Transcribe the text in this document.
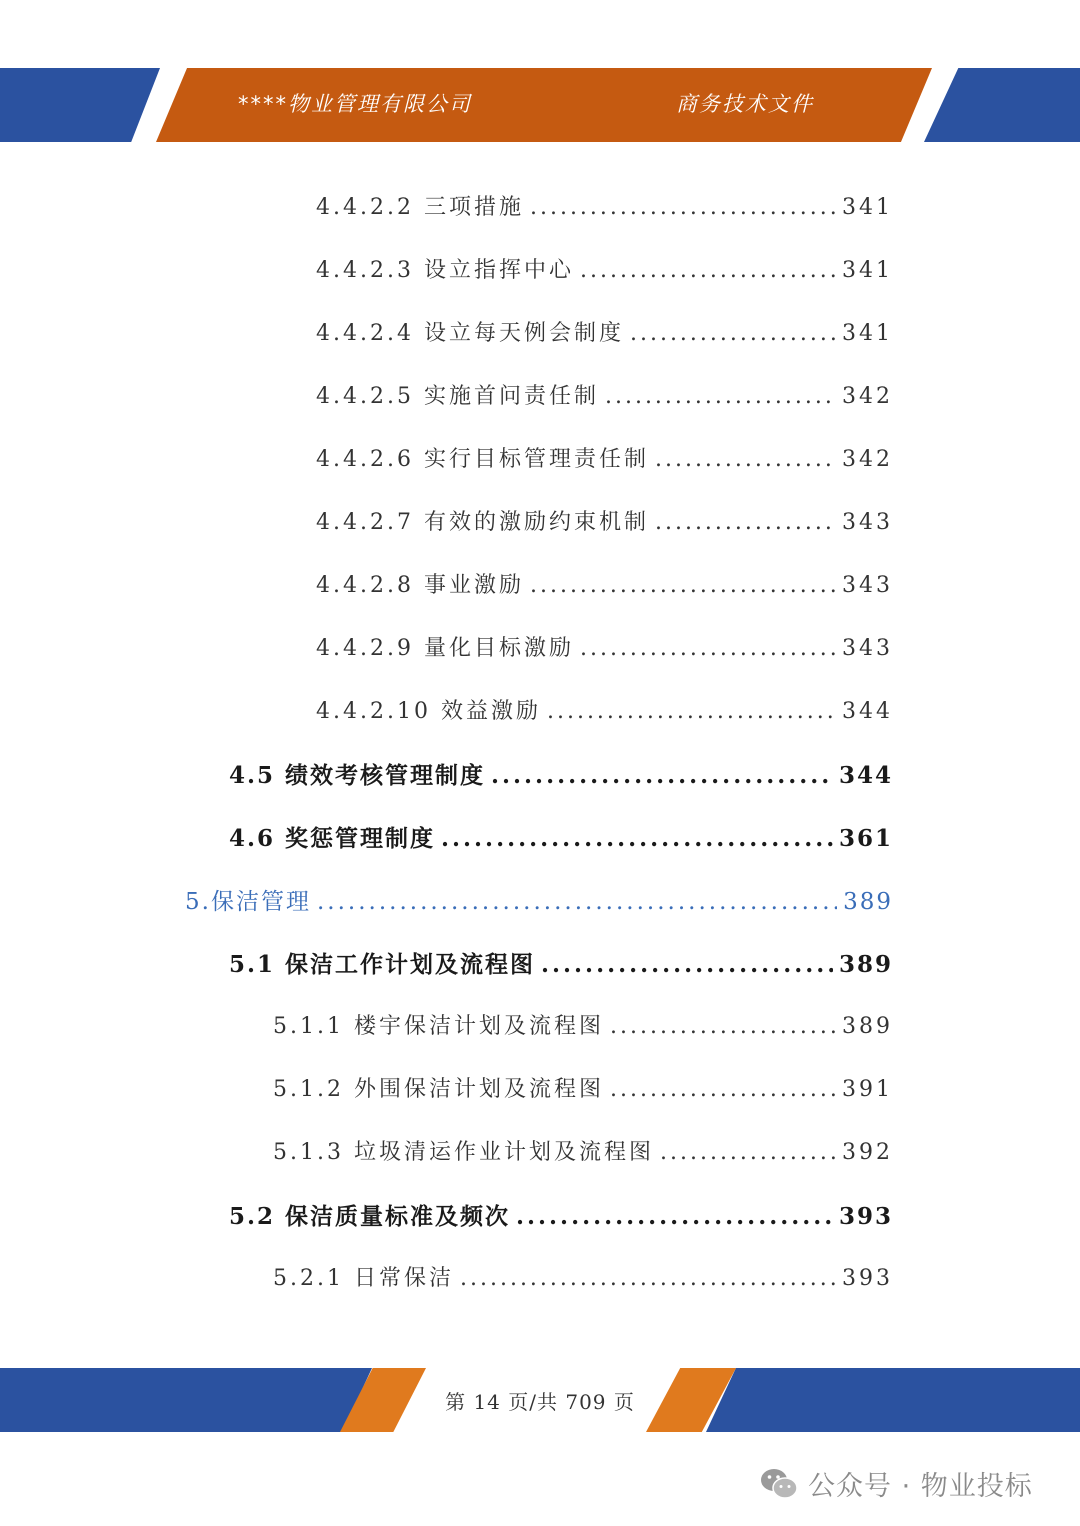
****物业管理有限公司	商务技术文件
4.4.2.2 三项措施 .....	341
4.4.2.3 设立指挥中心 .....	341
4.4.2.4 设立每天例会制度 .....	341
4.4.2.5 实施首问责任制 .....	342
4.4.2.6 实行目标管理责任制 .....	342
4.4.2.7 有效的激励约束机制 .....	343
4.4.2.8 事业激励 .....	343
4.4.2.9 量化目标激励 .....	343
4.4.2.10 效益激励 .....	344
4.5 绩效考核管理制度 .....	344
4.6 奖惩管理制度 .....	361
5.保洁管理 .....	389
5.1 保洁工作计划及流程图 .....	389
5.1.1 楼宇保洁计划及流程图 .....	389
5.1.2 外围保洁计划及流程图 .....	391
5.1.3 垃圾清运作业计划及流程图 .....	392
5.2 保洁质量标准及频次 .....	393
5.2.1 日常保洁 .....	393
第 14 页/共 709 页
公众号 · 物业投标
